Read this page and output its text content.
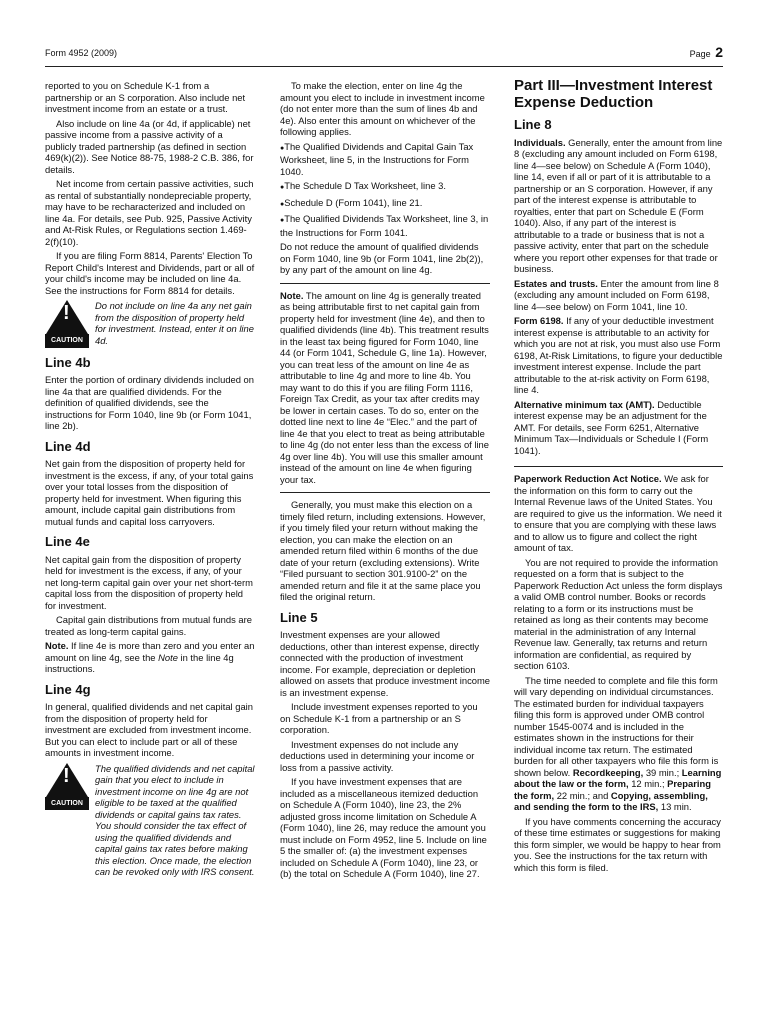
Form 4952 (2009)	Page 2

reported to you on Schedule K-1 from a partnership or an S corporation. Also include net investment income from an estate or a trust.

Also include on line 4a (or 4d, if applicable) net passive income from a passive activity of a publicly traded partnership (as defined in section 469(k)(2)). See Notice 88-75, 1988-2 C.B. 386, for details.

Net income from certain passive activities, such as rental of substantially nondepreciable property, may have to be recharacterized and included on line 4a. For details, see Pub. 925, Passive Activity and At-Risk Rules, or Regulations section 1.469-2(f)(10).

If you are filing Form 8814, Parents' Election To Report Child's Interest and Dividends, part or all of your child's income may be included on line 4a. See the instructions for Form 8814 for details.

!
CAUTION
Do not include on line 4a any net gain from the disposition of property held for investment. Instead, enter it on line 4d.
Line 4b

Enter the portion of ordinary dividends included on line 4a that are qualified dividends. For the definition of qualified dividends, see the instructions for Form 1040, line 9b (or Form 1041, line 2b).

Line 4d

Net gain from the disposition of property held for investment is the excess, if any, of your total gains over your total losses from the disposition of property held for investment. When figuring this amount, include capital gain distributions from mutual funds and capital loss carryovers.

Line 4e

Net capital gain from the disposition of property held for investment is the excess, if any, of your net long-term capital gain over your net short-term capital loss from the disposition of property held for investment.

Capital gain distributions from mutual funds are treated as long-term capital gains.

Note. If line 4e is more than zero and you enter an amount on line 4g, see the Note in the line 4g instructions.

Line 4g

In general, qualified dividends and net capital gain from the disposition of property held for investment are excluded from investment income. But you can elect to include part or all of these amounts in investment income.

!
CAUTION
The qualified dividends and net capital gain that you elect to include in investment income on line 4g are not eligible to be taxed at the qualified dividends or capital gains tax rates. You should consider the tax effect of using the qualified dividends and capital gains tax rates before making this election. Once made, the election can be revoked only with IRS consent.

To make the election, enter on line 4g the amount you elect to include in investment income (do not enter more than the sum of lines 4b and 4e). Also enter this amount on whichever of the following applies.

● The Qualified Dividends and Capital Gain Tax Worksheet, line 5, in the Instructions for Form 1040.

● The Schedule D Tax Worksheet, line 3.

● Schedule D (Form 1041), line 21.

● The Qualified Dividends Tax Worksheet, line 3, in the Instructions for Form 1041.

Do not reduce the amount of qualified dividends on Form 1040, line 9b (or Form 1041, line 2b(2)), by any part of the amount on line 4g.

Note. The amount on line 4g is generally treated as being attributable first to net capital gain from property held for investment (line 4e), and then to qualified dividends (line 4b). This treatment results in the least tax being figured for Form 1040, line 44 (or Form 1041, Schedule G, line 1a). However, you can treat less of the amount on line 4e as attributable to line 4g and more to line 4b. You may want to do this if you are filing Form 1116, Foreign Tax Credit, as your tax after credits may be lower in certain cases. To do so, enter on the dotted line next to line 4e “Elec.” and the part of line 4e that you elect to treat as being attributable to line 4g (do not enter less than the excess of line 4g over line 4b). You will use this smaller amount instead of the amount on line 4e when figuring your tax.

Generally, you must make this election on a timely filed return, including extensions. However, if you timely filed your return without making the election, you can make the election on an amended return filed within 6 months of the due date of your return (excluding extensions). Write “Filed pursuant to section 301.9100-2” on the amended return and file it at the same place you filed the original return.

Line 5

Investment expenses are your allowed deductions, other than interest expense, directly connected with the production of investment income. For example, depreciation or depletion allowed on assets that produce investment income is an investment expense.

Include investment expenses reported to you on Schedule K-1 from a partnership or an S corporation.

Investment expenses do not include any deductions used in determining your income or loss from a passive activity.

If you have investment expenses that are included as a miscellaneous itemized deduction on Schedule A (Form 1040), line 23, the 2% adjusted gross income limitation on Schedule A (Form 1040), line 26, may reduce the amount you must include on Form 4952, line 5. Include on line 5 the smaller of: (a) the investment expenses included on Schedule A (Form 1040), line 23, or (b) the total on Schedule A (Form 1040), line 27.

Part III—Investment Interest Expense Deduction
Line 8

Individuals. Generally, enter the amount from line 8 (excluding any amount included on Form 6198, line 4—see below) on Schedule A (Form 1040), line 14, even if all or part of it is attributable to a partnership or an S corporation. However, if any part of the interest expense is attributable to royalties, enter that part on Schedule E (Form 1040). Also, if any part of the interest is attributable to a trade or business that is not a passive activity, enter that part on the schedule where you report other expenses for that trade or business.

Estates and trusts. Enter the amount from line 8 (excluding any amount included on Form 6198, line 4—see below) on Form 1041, line 10.

Form 6198. If any of your deductible investment interest expense is attributable to an activity for which you are not at risk, you must also use Form 6198, At-Risk Limitations, to figure your deductible investment interest expense. Include the part attributable to the at-risk activity on Form 6198, line 4.

Alternative minimum tax (AMT). Deductible interest expense may be an adjustment for the AMT. For details, see Form 6251, Alternative Minimum Tax—Individuals or Schedule I (Form 1041).

Paperwork Reduction Act Notice. We ask for the information on this form to carry out the Internal Revenue laws of the United States. You are required to give us the information. We need it to ensure that you are complying with these laws and to allow us to figure and collect the right amount of tax.

You are not required to provide the information requested on a form that is subject to the Paperwork Reduction Act unless the form displays a valid OMB control number. Books or records relating to a form or its instructions must be retained as long as their contents may become material in the administration of any Internal Revenue law. Generally, tax returns and return information are confidential, as required by section 6103.

The time needed to complete and file this form will vary depending on individual circumstances. The estimated burden for individual taxpayers filing this form is approved under OMB control number 1545-0074 and is included in the estimates shown in the instructions for their individual income tax return. The estimated burden for all other taxpayers who file this form is shown below. Recordkeeping, 39 min.; Learning about the law or the form, 12 min.; Preparing the form, 22 min.; and Copying, assembling, and sending the form to the IRS, 13 min.

If you have comments concerning the accuracy of these time estimates or suggestions for making this form simpler, we would be happy to hear from you. See the instructions for the tax return with which this form is filed.
